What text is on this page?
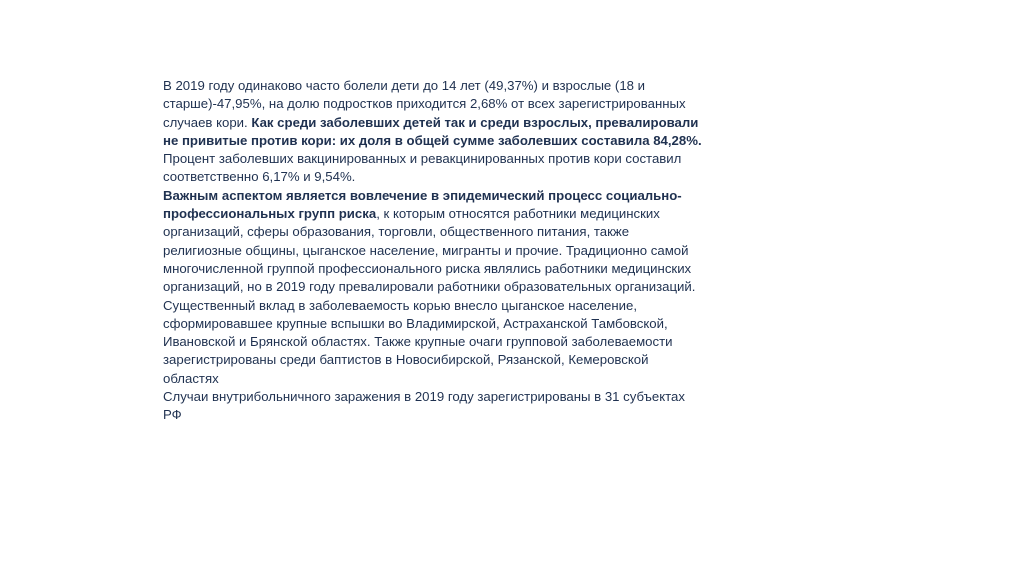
В 2019 году одинаково часто болели дети до 14 лет (49,37%) и взрослые (18 и старше)-47,95%, на долю подростков приходится 2,68% от всех зарегистрированных случаев кори. Как среди заболевших детей так и среди взрослых, превалировали не привитые против кори: их доля в общей сумме заболевших составила 84,28%. Процент заболевших вакцинированных и ревакцинированных против кори составил соответственно 6,17% и 9,54%.

Важным аспектом является вовлечение в эпидемический процесс социально-профессиональных групп риска, к которым относятся работники медицинских организаций, сферы образования, торговли, общественного питания, также религиозные общины, цыганское население, мигранты и прочие. Традиционно самой многочисленной группой профессионального риска являлись работники медицинских организаций, но в 2019 году превалировали работники образовательных организаций.

Существенный вклад в заболеваемость корью внесло цыганское население, сформировавшее крупные вспышки во Владимирской, Астраханской Тамбовской, Ивановской и Брянской областях. Также крупные очаги групповой заболеваемости зарегистрированы среди баптистов в Новосибирской, Рязанской, Кемеровской областях

Случаи внутрибольничного заражения в 2019 году зарегистрированы в 31 субъектах РФ
